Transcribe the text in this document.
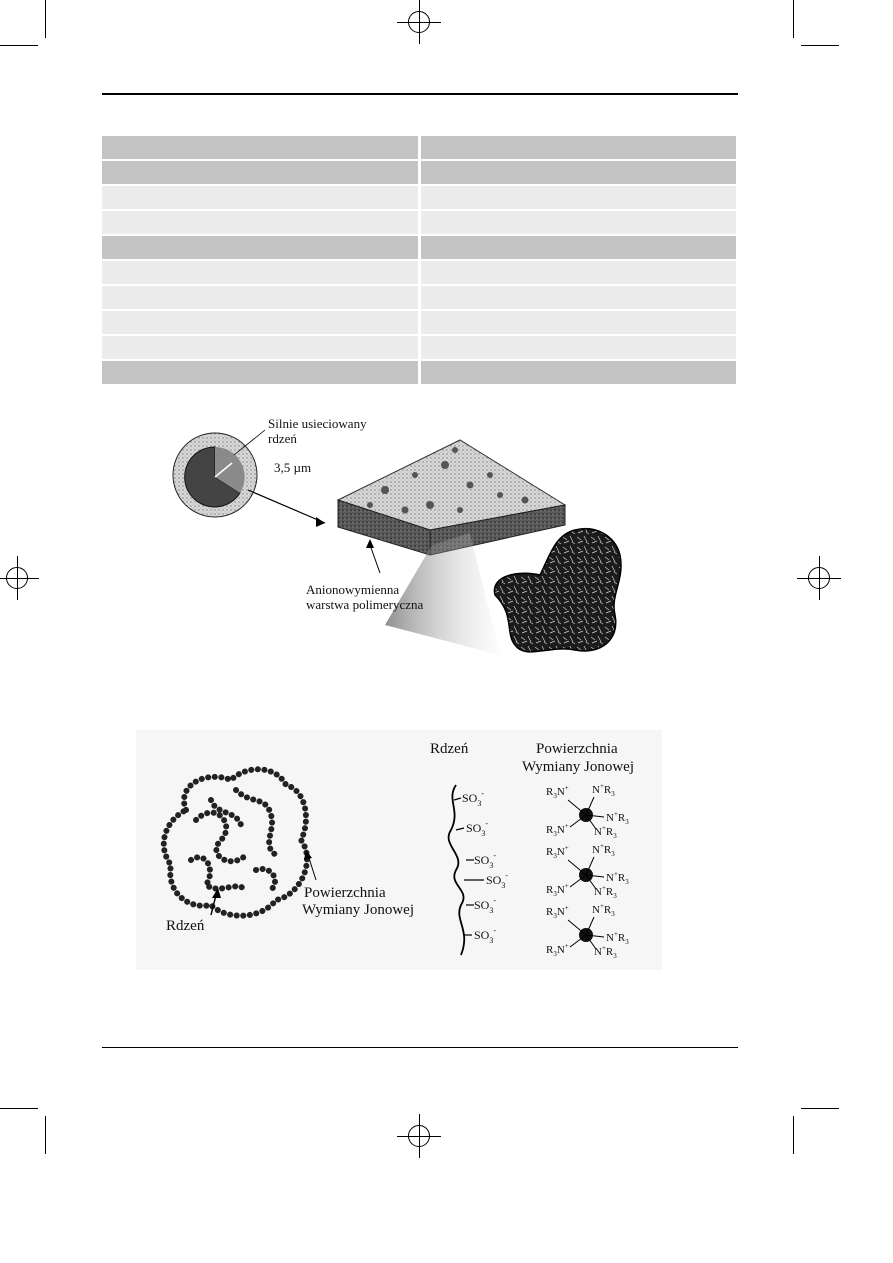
Silnie usieciowany
rdzeń
3,5 µm
Anionowymienna
warstwa polimeryczna
$SO_3^-$
$SO_3^-$
$SO_3^-$
$SO_3^-$
$SO_3^-$
$SO_3^-$
$R_3N^+$ $N^+R_3$
$R_3N^+$ $N^+R_3$
$N^+R_3$
$R_3N^+$ $N^+R_3$
$R_3N^+$ $N^+R_3$
$N^+R_3$
$R_3N^+$ $N^+R_3$
$R_3N^+$ $N^+R_3$
$N^+R_3$
Rdzeń
Powierzchnia
Wymiany Jonowej
Rdzeń	Powierzchnia
Wymiany Jonowej
